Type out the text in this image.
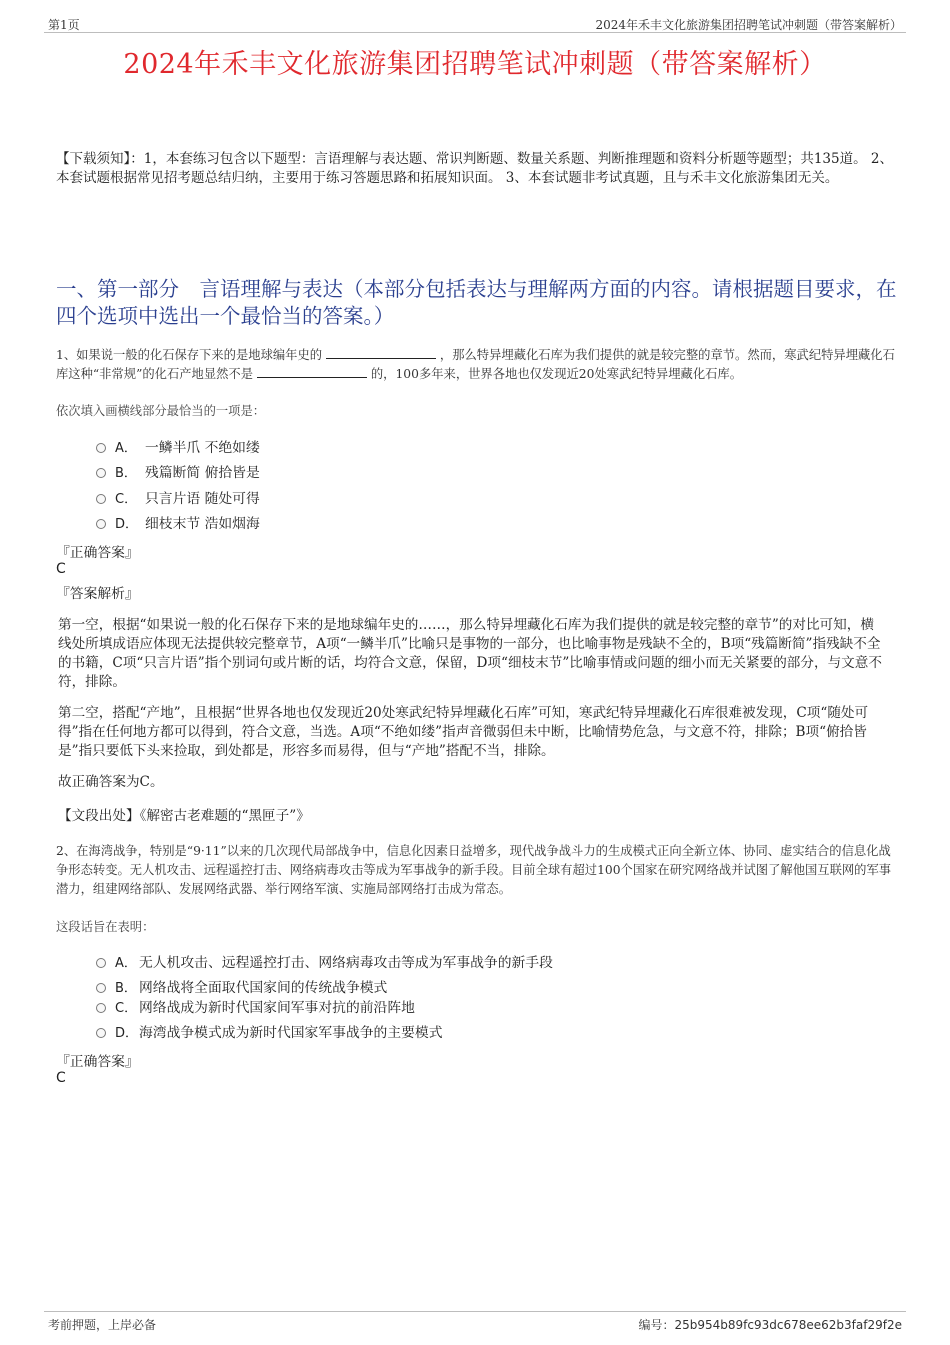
第1页	2024年禾丰文化旅游集团招聘笔试冲刺题（带答案解析）
2024年禾丰文化旅游集团招聘笔试冲刺题（带答案解析）
【下载须知】：1，本套练习包含以下题型：言语理解与表达题、常识判断题、数量关系题、判断推理题和资料分析题等题型；共135道。 2、本套试题根据常见招考题总结归纳，主要用于练习答题思路和拓展知识面。 3、本套试题非考试真题，且与禾丰文化旅游集团无关。
一、第一部分　言语理解与表达（本部分包括表达与理解两方面的内容。请根据题目要求，在四个选项中选出一个最恰当的答案。）
1、如果说一般的化石保存下来的是地球编年史的	，那么特异埋藏化石库为我们提供的就是较完整的章节。然而，寒武纪特异埋藏化石库这种“非常规”的化石产地显然不是	的，100多年来，世界各地也仅发现近20处寒武纪特异埋藏化石库。
依次填入画横线部分最恰当的一项是：
A． 一鳞半爪 不绝如缕
B． 残篇断简 俯拾皆是
C． 只言片语 随处可得
D． 细枝末节 浩如烟海
『正确答案』
C
『答案解析』
第一空，根据“如果说一般的化石保存下来的是地球编年史的……，那么特异埋藏化石库为我们提供的就是较完整的章节”的对比可知，横线处所填成语应体现无法提供较完整章节，A项“一鳞半爪”比喻只是事物的一部分，也比喻事物是残缺不全的，B项“残篇断简”指残缺不全的书籍，C项“只言片语”指个别词句或片断的话，均符合文意，保留，D项“细枝末节”比喻事情或问题的细小而无关紧要的部分，与文意不符，排除。
第二空，搭配“产地”，且根据“世界各地也仅发现近20处寒武纪特异埋藏化石库”可知，寒武纪特异埋藏化石库很难被发现，C项“随处可得”指在任何地方都可以得到，符合文意，当选。A项“不绝如缕”指声音微弱但未中断，比喻情势危急，与文意不符，排除；B项“俯拾皆是”指只要低下头来捡取，到处都是，形容多而易得，但与“产地”搭配不当，排除。
故正确答案为C。
【文段出处】《解密古老难题的“黑匣子”》
2、在海湾战争，特别是“9·11”以来的几次现代局部战争中，信息化因素日益增多，现代战争战斗力的生成模式正向全新立体、协同、虚实结合的信息化战争形态转变。无人机攻击、远程遥控打击、网络病毒攻击等成为军事战争的新手段。目前全球有超过100个国家在研究网络战并试图了解他国互联网的军事潜力，组建网络部队、发展网络武器、举行网络军演、实施局部网络打击成为常态。
这段话旨在表明：
A． 无人机攻击、远程遥控打击、网络病毒攻击等成为军事战争的新手段
B． 网络战将全面取代国家间的传统战争模式
C． 网络战成为新时代国家间军事对抗的前沿阵地
D． 海湾战争模式成为新时代国家军事战争的主要模式
『正确答案』
C
考前押题，上岸必备	编号：25b954b89fc93dc678ee62b3faf29f2e
